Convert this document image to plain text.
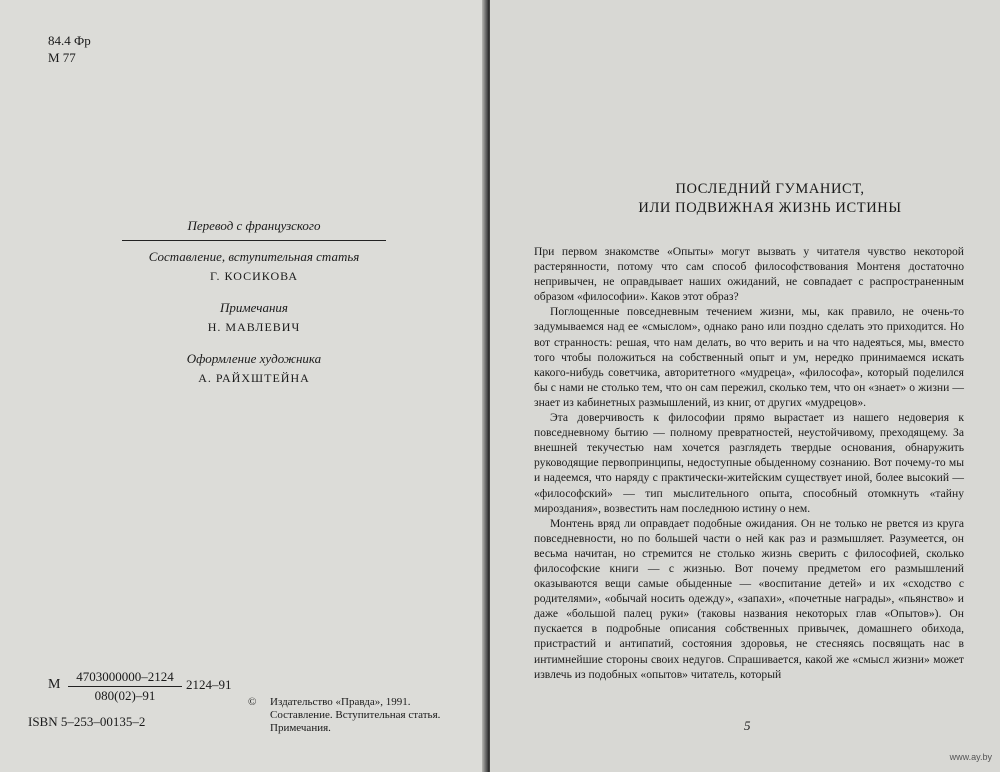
84.4 Фр
М 77
Перевод с французского
Составление, вступительная статья
Г. КОСИКОВА
Примечания
Н. МАВЛЕВИЧ
Оформление художника
А. РАЙХШТЕЙНА
М $\frac{4703000000-2124}{080(02)-91} 2124-91$
ISBN 5–253–00135–2
© Издательство «Правда», 1991.
Составление. Вступительная статья.
Примечания.
ПОСЛЕДНИЙ ГУМАНИСТ,
ИЛИ ПОДВИЖНАЯ ЖИЗНЬ ИСТИНЫ
При первом знакомстве «Опыты» могут вызвать у читателя чувство некоторой растерянности, потому что сам способ философствования Монтеня достаточно непривычен, не оправдывает наших ожиданий, не совпадает с распространенным образом «философии». Каков этот образ?
Поглощенные повседневным течением жизни, мы, как правило, не очень-то задумываемся над ее «смыслом», однако рано или поздно сделать это приходится. Но вот странность: решая, что нам делать, во что верить и на что надеяться, мы, вместо того чтобы положиться на собственный опыт и ум, нередко принимаемся искать какого-нибудь советчика, авторитетного «мудреца», «философа», который поделился бы с нами не столько тем, что он сам пережил, сколько тем, что он «знает» о жизни — знает из кабинетных размышлений, из книг, от других «мудрецов».
Эта доверчивость к философии прямо вырастает из нашего недоверия к повседневному бытию — полному превратностей, неустойчивому, преходящему. За внешней текучестью нам хочется разглядеть твердые основания, обнаружить руководящие первопринципы, недоступные обыденному сознанию. Вот почему-то мы и надеемся, что наряду с практически-житейским существует иной, более высокий — «философский» — тип мыслительного опыта, способный отомкнуть «тайну мироздания», возвестить нам последнюю истину о нем.
Монтень вряд ли оправдает подобные ожидания. Он не только не рвется из круга повседневности, но по большей части о ней как раз и размышляет. Разумеется, он весьма начитан, но стремится не столько жизнь сверить с философией, сколько философские книги — с жизнью. Вот почему предметом его размышлений оказываются вещи самые обыденные — «воспитание детей» и их «сходство с родителями», «обычай носить одежду», «запахи», «почетные награды», «пьянство» и даже «большой палец руки» (таковы названия некоторых глав «Опытов»). Он пускается в подробные описания собственных привычек, домашнего обихода, пристрастий и антипатий, состояния здоровья, не стесняясь посвящать нас в интимнейшие стороны своих недугов. Спрашивается, какой же «смысл жизни» может извлечь из подобных «опытов» читатель, который
5
www.ay.by
